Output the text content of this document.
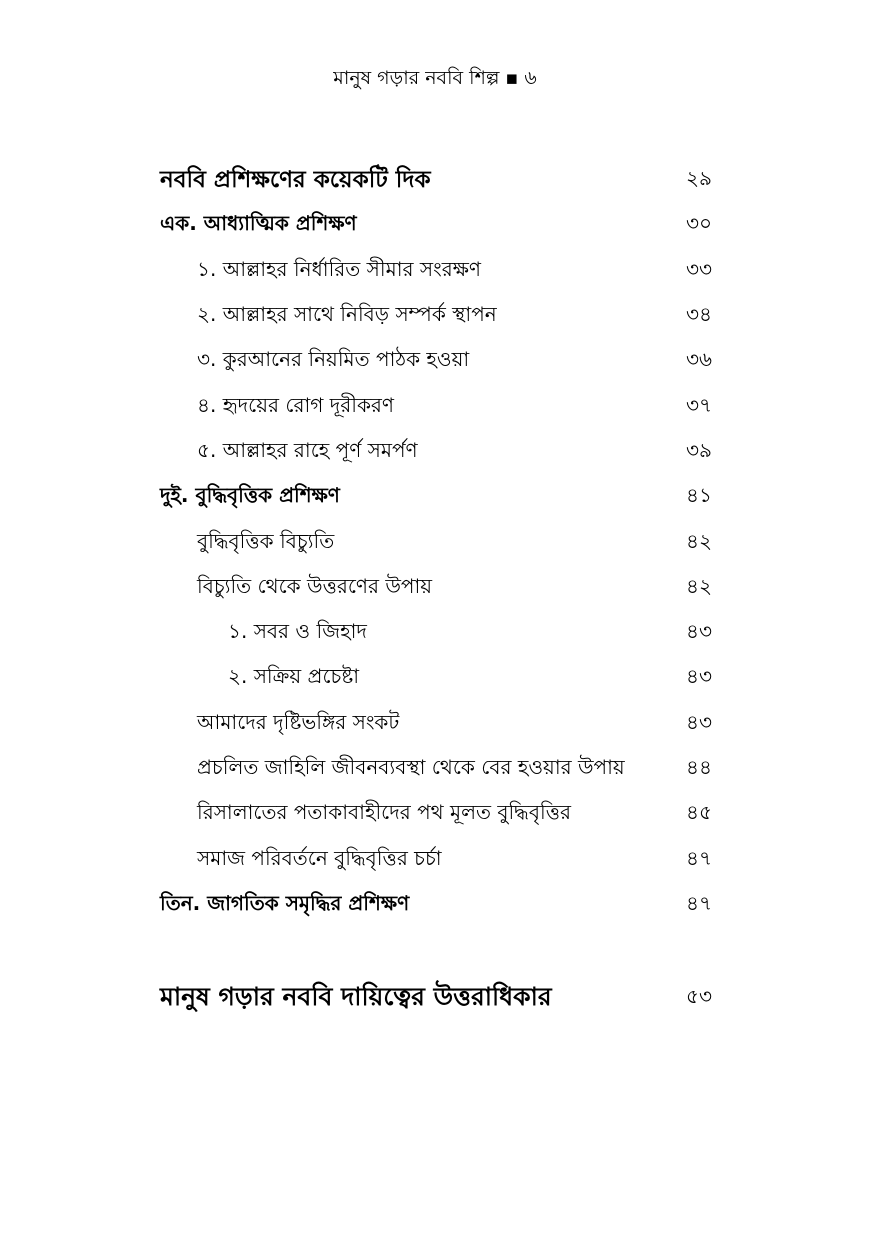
মানুষ গড়ার নববি শিল্প ▪ ৬
নববি প্রশিক্ষণের কয়েকটি দিক	২৯
এক. আধ্যাত্মিক প্রশিক্ষণ	৩০
১. আল্লাহর নির্ধারিত সীমার সংরক্ষণ	৩৩
২. আল্লাহর সাথে নিবিড় সম্পর্ক স্থাপন	৩৪
৩. কুরআনের নিয়মিত পাঠক হওয়া	৩৬
৪. হৃদয়ের রোগ দূরীকরণ	৩৭
৫. আল্লাহর রাহে পূর্ণ সমর্পণ	৩৯
দুই. বুদ্ধিবৃত্তিক প্রশিক্ষণ	৪১
বুদ্ধিবৃত্তিক বিচ্যুতি	৪২
বিচ্যুতি থেকে উত্তরণের উপায়	৪২
১. সবর ও জিহাদ	৪৩
২. সক্রিয় প্রচেষ্টা	৪৩
আমাদের দৃষ্টিভঙ্গির সংকট	৪৩
প্রচলিত জাহিলি জীবনব্যবস্থা থেকে বের হওয়ার উপায়	৪৪
রিসালাতের পতাকাবাহীদের পথ মূলত বুদ্ধিবৃত্তির	৪৫
সমাজ পরিবর্তনে বুদ্ধিবৃত্তির চর্চা	৪৭
তিন. জাগতিক সমৃদ্ধির প্রশিক্ষণ	৪৭
মানুষ গড়ার নববি দায়িত্বের উত্তরাধিকার	৫৩
